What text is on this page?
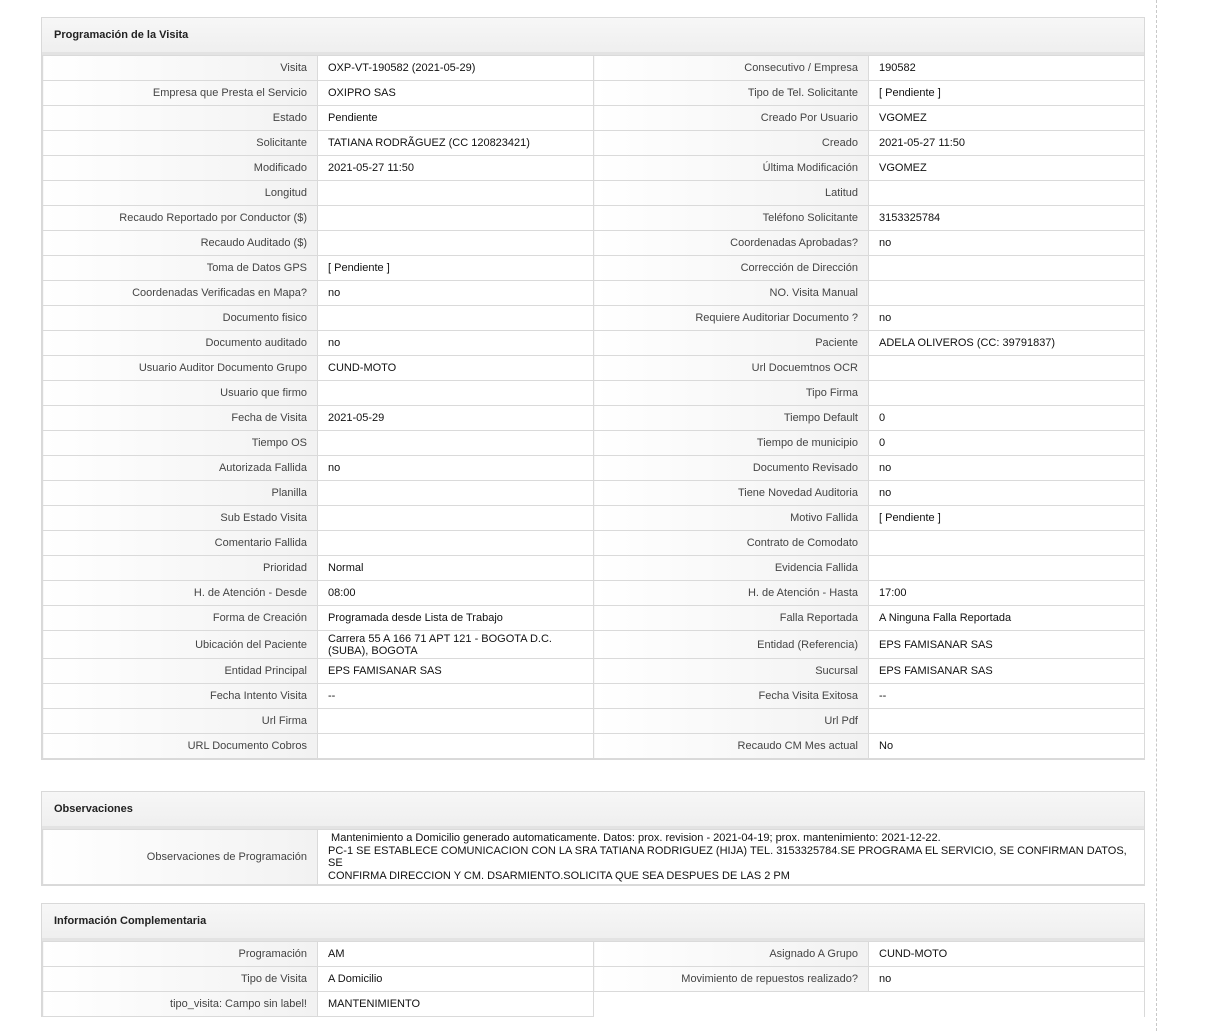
Programación de la Visita
Visita	OXP-VT-190582 (2021-05-29)	Consecutivo / Empresa	190582
Empresa que Presta el Servicio	OXIPRO SAS	Tipo de Tel. Solicitante	[ Pendiente ]
Estado	Pendiente	Creado Por Usuario	VGOMEZ
Solicitante	TATIANA RODRÃGUEZ (CC 120823421)	Creado	2021-05-27 11:50
Modificado	2021-05-27 11:50	Última Modificación	VGOMEZ
Longitud		Latitud	
Recaudo Reportado por Conductor ($)		Teléfono Solicitante	3153325784
Recaudo Auditado ($)		Coordenadas Aprobadas?	no
Toma de Datos GPS	[ Pendiente ]	Corrección de Dirección	
Coordenadas Verificadas en Mapa?	no	NO. Visita Manual	
Documento fisico		Requiere Auditoriar Documento ?	no
Documento auditado	no	Paciente	ADELA OLIVEROS (CC: 39791837)
Usuario Auditor Documento Grupo	CUND-MOTO	Url Docuemtnos OCR	
Usuario que firmo		Tipo Firma	
Fecha de Visita	2021-05-29	Tiempo Default	0
Tiempo OS		Tiempo de municipio	0
Autorizada Fallida	no	Documento Revisado	no
Planilla		Tiene Novedad Auditoria	no
Sub Estado Visita		Motivo Fallida	[ Pendiente ]
Comentario Fallida		Contrato de Comodato	
Prioridad	Normal	Evidencia Fallida	
H. de Atención - Desde	08:00	H. de Atención - Hasta	17:00
Forma de Creación	Programada desde Lista de Trabajo	Falla Reportada	A Ninguna Falla Reportada
Ubicación del Paciente	Carrera 55 A 166 71 APT 121 - BOGOTA D.C. (SUBA), BOGOTA	Entidad (Referencia)	EPS FAMISANAR SAS
Entidad Principal	EPS FAMISANAR SAS	Sucursal	EPS FAMISANAR SAS
Fecha Intento Visita	--	Fecha Visita Exitosa	--
Url Firma		Url Pdf	
URL Documento Cobros		Recaudo CM Mes actual	No
Observaciones
Observaciones de Programación	
Mantenimiento a Domicilio generado automaticamente. Datos: prox. revision - 2021-04-19; prox. mantenimiento: 2021-12-22.
PC-1 SE ESTABLECE COMUNICACION CON LA SRA TATIANA RODRIGUEZ (HIJA) TEL. 3153325784.SE PROGRAMA EL SERVICIO, SE CONFIRMAN DATOS, SE
CONFIRMA DIRECCION Y CM. DSARMIENTO.SOLICITA QUE SEA DESPUES DE LAS 2 PM
Información Complementaria
Programación	AM	Asignado A Grupo	CUND-MOTO
Tipo de Visita	A Domicilio	Movimiento de repuestos realizado?	no
tipo_visita: Campo sin label!	MANTENIMIENTO		
